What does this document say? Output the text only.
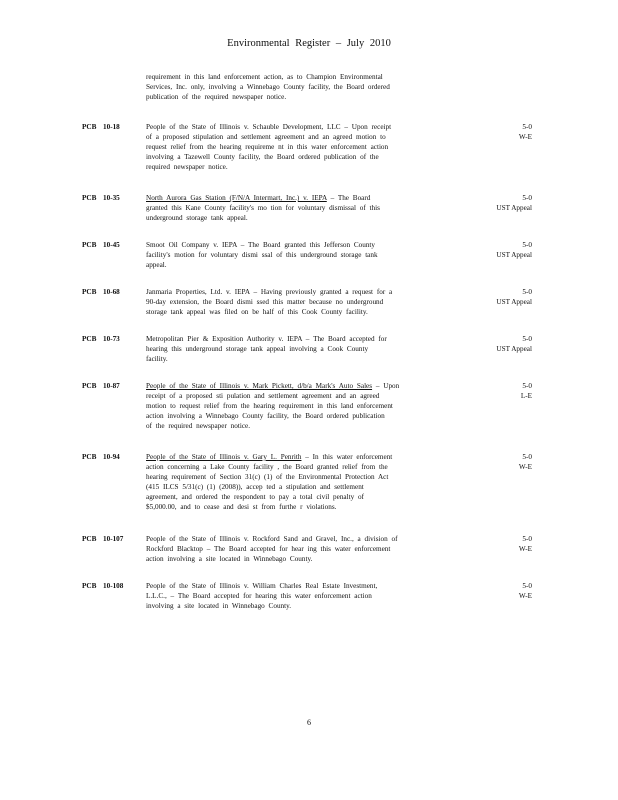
Environmental Register – July 2010
requirement in this land enforcement action, as to Champion Environmental
Services, Inc. only, involving a Winnebago County facility, the Board ordered
publication of the required newspaper notice.
PCB 10-18	People of the State of Illinois v. Schauble Development, LLC – Upon receipt
of a proposed stipulation and settlement agreement and an agreed motion to
request relief from the hearing requireme nt in this water enforcement action
involving a Tazewell County facility, the Board ordered publication of the
required newspaper notice.
5-0
W-E
PCB 10-35	North Aurora Gas Station (F/N/A Intermart, Inc.) v. IEPA – The Board
granted this Kane County facility's mo tion for voluntary dismissal of this
underground storage tank appeal.
5-0
UST Appeal
PCB 10-45	Smoot Oil Company v. IEPA – The Board granted this Jefferson County
facility's motion for voluntary dismi ssal of this underground storage tank
appeal.
5-0
UST Appeal
PCB 10-68	Janmaria Properties, Ltd. v. IEPA – Having previously granted a request for a
90-day extension, the Board dismi ssed this matter because no underground
storage tank appeal was filed on be half of this Cook County facility.
5-0
UST Appeal
PCB 10-73	Metropolitan Pier & Exposition Authority v. IEPA – The Board accepted for
hearing this underground storage tank appeal involving a Cook County
facility.
5-0
UST Appeal
PCB 10-87	People of the State of Illinois v. Mark Pickett, d/b/a Mark's Auto Sales – Upon
receipt of a proposed sti pulation and settlement agreement and an agreed
motion to request relief from the hearing requirement in this land enforcement
action involving a Winnebago County facility, the Board ordered publication
of the required newspaper notice.
5-0
L-E
PCB 10-94	People of the State of Illinois v. Gary L. Penrith – In this water enforcement
action concerning a Lake County facility , the Board granted relief from the
hearing requirement of Section 31(c) (1) of the Environmental Protection Act
(415 ILCS 5/31(c) (1) (2008)), accep ted a stipulation and settlement
agreement, and ordered the respondent to pay a total civil penalty of
$5,000.00, and to cease and desi st from furthe r violations.
5-0
W-E
PCB 10-107	People of the State of Illinois v. Rockford Sand and Gravel, Inc., a division of
Rockford Blacktop – The Board accepted for hear ing this water enforcement
action involving a site located in Winnebago County.
5-0
W-E
PCB 10-108	People of the State of Illinois v. William Charles Real Estate Investment,
L.L.C., – The Board accepted for hearing this water enforcement action
involving a site located in Winnebago County.
5-0
W-E
6
